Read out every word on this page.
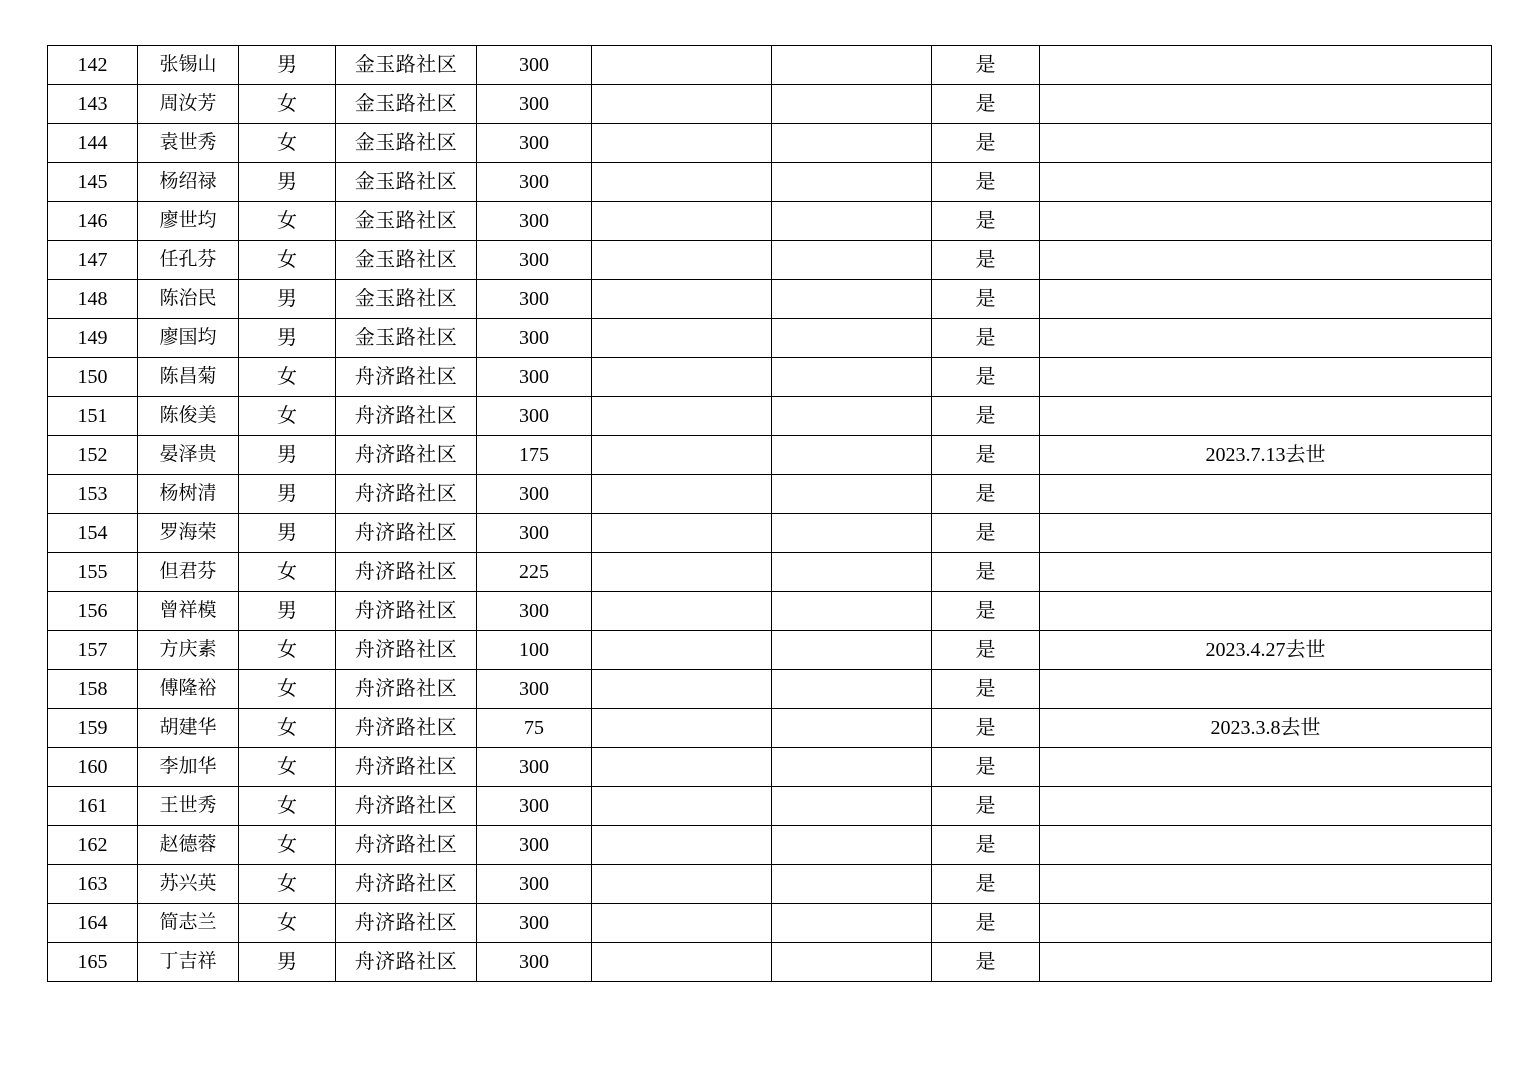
142	张锡山	男	金玉路社区	300			是	
143	周汝芳	女	金玉路社区	300			是	
144	袁世秀	女	金玉路社区	300			是	
145	杨绍禄	男	金玉路社区	300			是	
146	廖世均	女	金玉路社区	300			是	
147	任孔芬	女	金玉路社区	300			是	
148	陈治民	男	金玉路社区	300			是	
149	廖国均	男	金玉路社区	300			是	
150	陈昌菊	女	舟济路社区	300			是	
151	陈俊美	女	舟济路社区	300			是	
152	晏泽贵	男	舟济路社区	175			是	2023.7.13去世
153	杨树清	男	舟济路社区	300			是	
154	罗海荣	男	舟济路社区	300			是	
155	但君芬	女	舟济路社区	225			是	
156	曾祥模	男	舟济路社区	300			是	
157	方庆素	女	舟济路社区	100			是	2023.4.27去世
158	傅隆裕	女	舟济路社区	300			是	
159	胡建华	女	舟济路社区	75			是	2023.3.8去世
160	李加华	女	舟济路社区	300			是	
161	王世秀	女	舟济路社区	300			是	
162	赵德蓉	女	舟济路社区	300			是	
163	苏兴英	女	舟济路社区	300			是	
164	简志兰	女	舟济路社区	300			是	
165	丁吉祥	男	舟济路社区	300			是	
